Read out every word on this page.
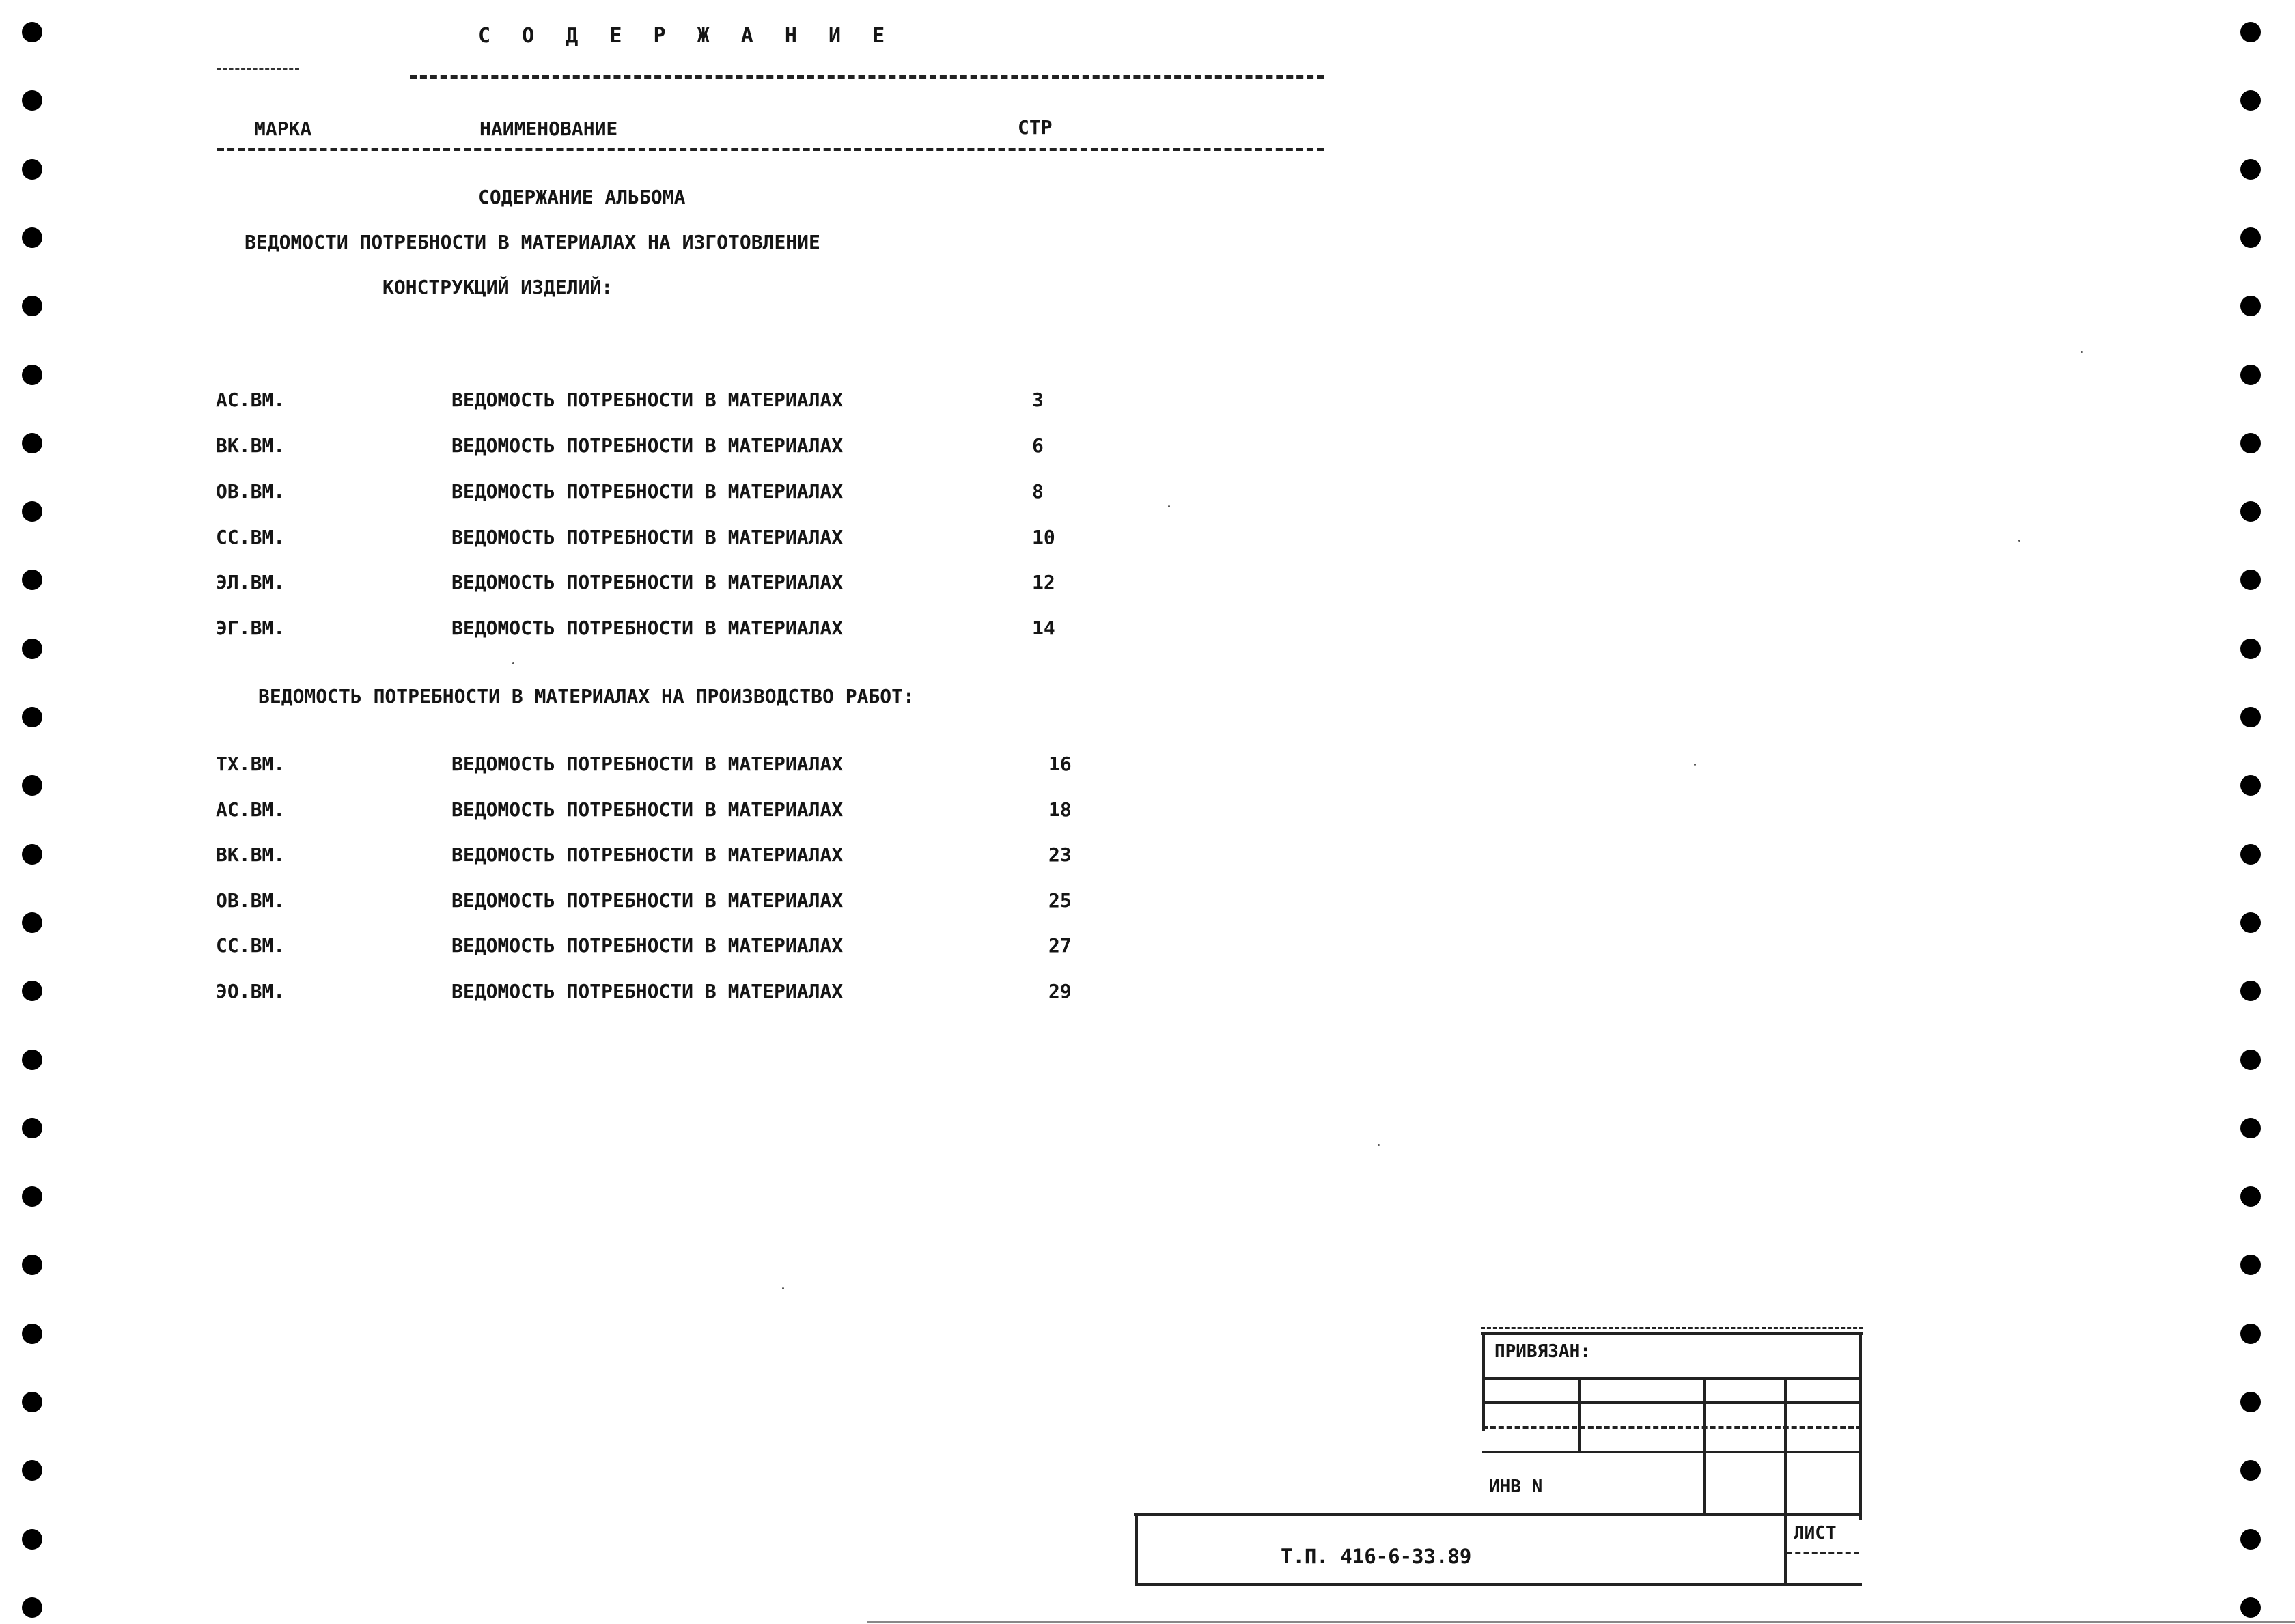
С О Д Е Р Ж А Н И Е
МАРКА	НАИМЕНОВАНИЕ	СТР
СОДЕРЖАНИЕ АЛЬБОМА
ВЕДОМОСТИ ПОТРЕБНОСТИ В МАТЕРИАЛАХ НА ИЗГОТОВЛЕНИЕ
КОНСТРУКЦИЙ ИЗДЕЛИЙ:
АС.ВМ.	ВЕДОМОСТЬ ПОТРЕБНОСТИ В МАТЕРИАЛАХ	3
ВК.ВМ.	ВЕДОМОСТЬ ПОТРЕБНОСТИ В МАТЕРИАЛАХ	6
ОВ.ВМ.	ВЕДОМОСТЬ ПОТРЕБНОСТИ В МАТЕРИАЛАХ	8
СС.ВМ.	ВЕДОМОСТЬ ПОТРЕБНОСТИ В МАТЕРИАЛАХ	10
ЭЛ.ВМ.	ВЕДОМОСТЬ ПОТРЕБНОСТИ В МАТЕРИАЛАХ	12
ЭГ.ВМ.	ВЕДОМОСТЬ ПОТРЕБНОСТИ В МАТЕРИАЛАХ	14
ВЕДОМОСТЬ ПОТРЕБНОСТИ В МАТЕРИАЛАХ НА ПРОИЗВОДСТВО РАБОТ:
ТХ.ВМ.	ВЕДОМОСТЬ ПОТРЕБНОСТИ В МАТЕРИАЛАХ	16
АС.ВМ.	ВЕДОМОСТЬ ПОТРЕБНОСТИ В МАТЕРИАЛАХ	18
ВК.ВМ.	ВЕДОМОСТЬ ПОТРЕБНОСТИ В МАТЕРИАЛАХ	23
ОВ.ВМ.	ВЕДОМОСТЬ ПОТРЕБНОСТИ В МАТЕРИАЛАХ	25
СС.ВМ.	ВЕДОМОСТЬ ПОТРЕБНОСТИ В МАТЕРИАЛАХ	27
ЭО.ВМ.	ВЕДОМОСТЬ ПОТРЕБНОСТИ В МАТЕРИАЛАХ	29
ПРИВЯЗАН:
ИНВ N
ЛИСТ
Т.П. 416-6-33.89
